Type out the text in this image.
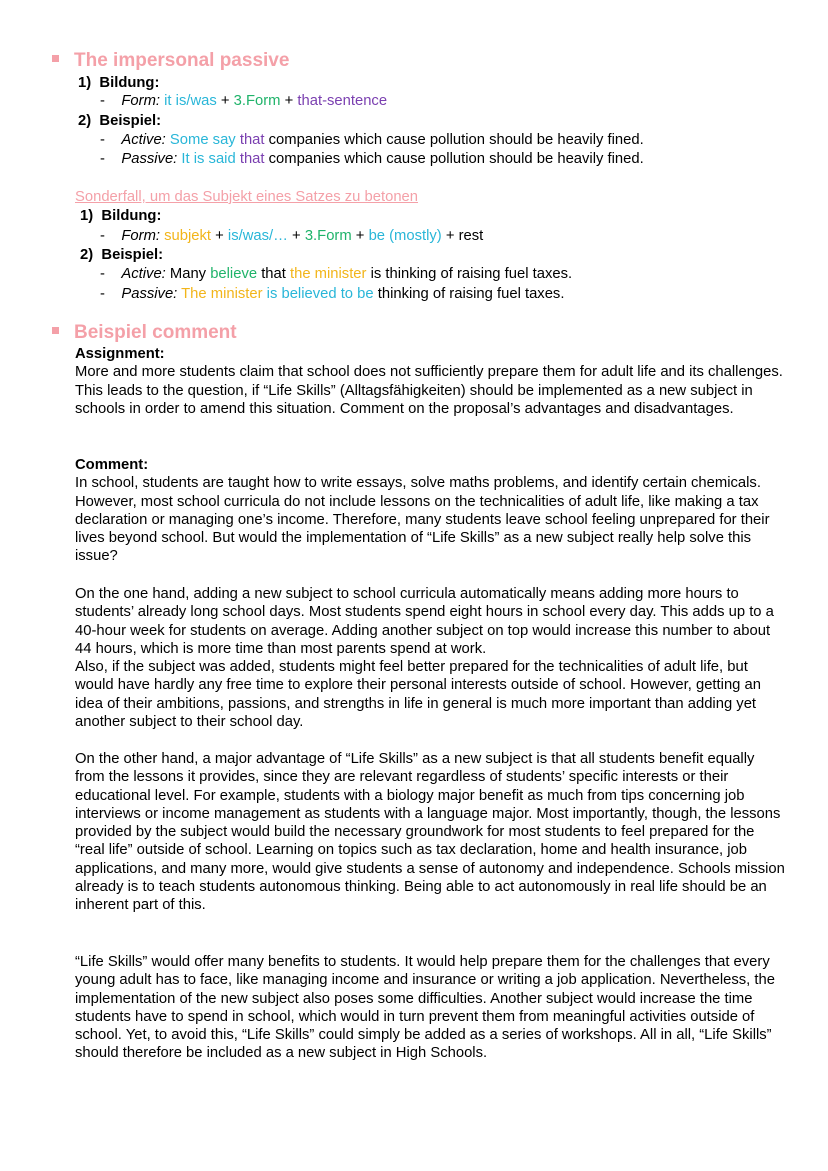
The impersonal passive
1) Bildung:
-    Form: it is/was + 3.Form + that-sentence
2) Beispiel:
-    Active: Some say that companies which cause pollution should be heavily fined.
-    Passive: It is said that companies which cause pollution should be heavily fined.
Sonderfall, um das Subjekt eines Satzes zu betonen
1) Bildung:
-    Form: subjekt + is/was/… + 3.Form + be (mostly) + rest
2) Beispiel:
-    Active: Many believe that the minister is thinking of raising fuel taxes.
-    Passive: The minister is believed to be thinking of raising fuel taxes.
Beispiel comment

Assignment:

More and more students claim that school does not sufficiently prepare them for adult life and its challenges. This leads to the question, if “Life Skills” (Alltagsfähigkeiten) should be implemented as a new subject in schools in order to amend this situation. Comment on the proposal’s advantages and disadvantages.

Comment:

In school, students are taught how to write essays, solve maths problems, and identify certain chemicals. However, most school curricula do not include lessons on the technicalities of adult life, like making a tax declaration or managing one’s income. Therefore, many students leave school feeling unprepared for their lives beyond school. But would the implementation of “Life Skills” as a new subject really help solve this issue?

On the one hand, adding a new subject to school curricula automatically means adding more hours to students’ already long school days. Most students spend eight hours in school every day. This adds up to a 40-hour week for students on average. Adding another subject on top would increase this number to about 44 hours, which is more time than most parents spend at work.

Also, if the subject was added, students might feel better prepared for the technicalities of adult life, but would have hardly any free time to explore their personal interests outside of school. However, getting an idea of their ambitions, passions, and strengths in life in general is much more important than adding yet another subject to their school day.

On the other hand, a major advantage of “Life Skills” as a new subject is that all students benefit equally from the lessons it provides, since they are relevant regardless of students’ specific interests or their educational level. For example, students with a biology major benefit as much from tips concerning job interviews or income management as students with a language major. Most importantly, though, the lessons provided by the subject would build the necessary groundwork for most students to feel prepared for the “real life” outside of school. Learning on topics such as tax declaration, home and health insurance, job applications, and many more, would give students a sense of autonomy and independence. Schools mission already is to teach students autonomous thinking. Being able to act autonomously in real life should be an inherent part of this.

“Life Skills” would offer many benefits to students. It would help prepare them for the challenges that every young adult has to face, like managing income and insurance or writing a job application. Nevertheless, the implementation of the new subject also poses some difficulties. Another subject would increase the time students have to spend in school, which would in turn prevent them from meaningful activities outside of school. Yet, to avoid this, “Life Skills” could simply be added as a series of workshops. All in all, “Life Skills” should therefore be included as a new subject in High Schools.
